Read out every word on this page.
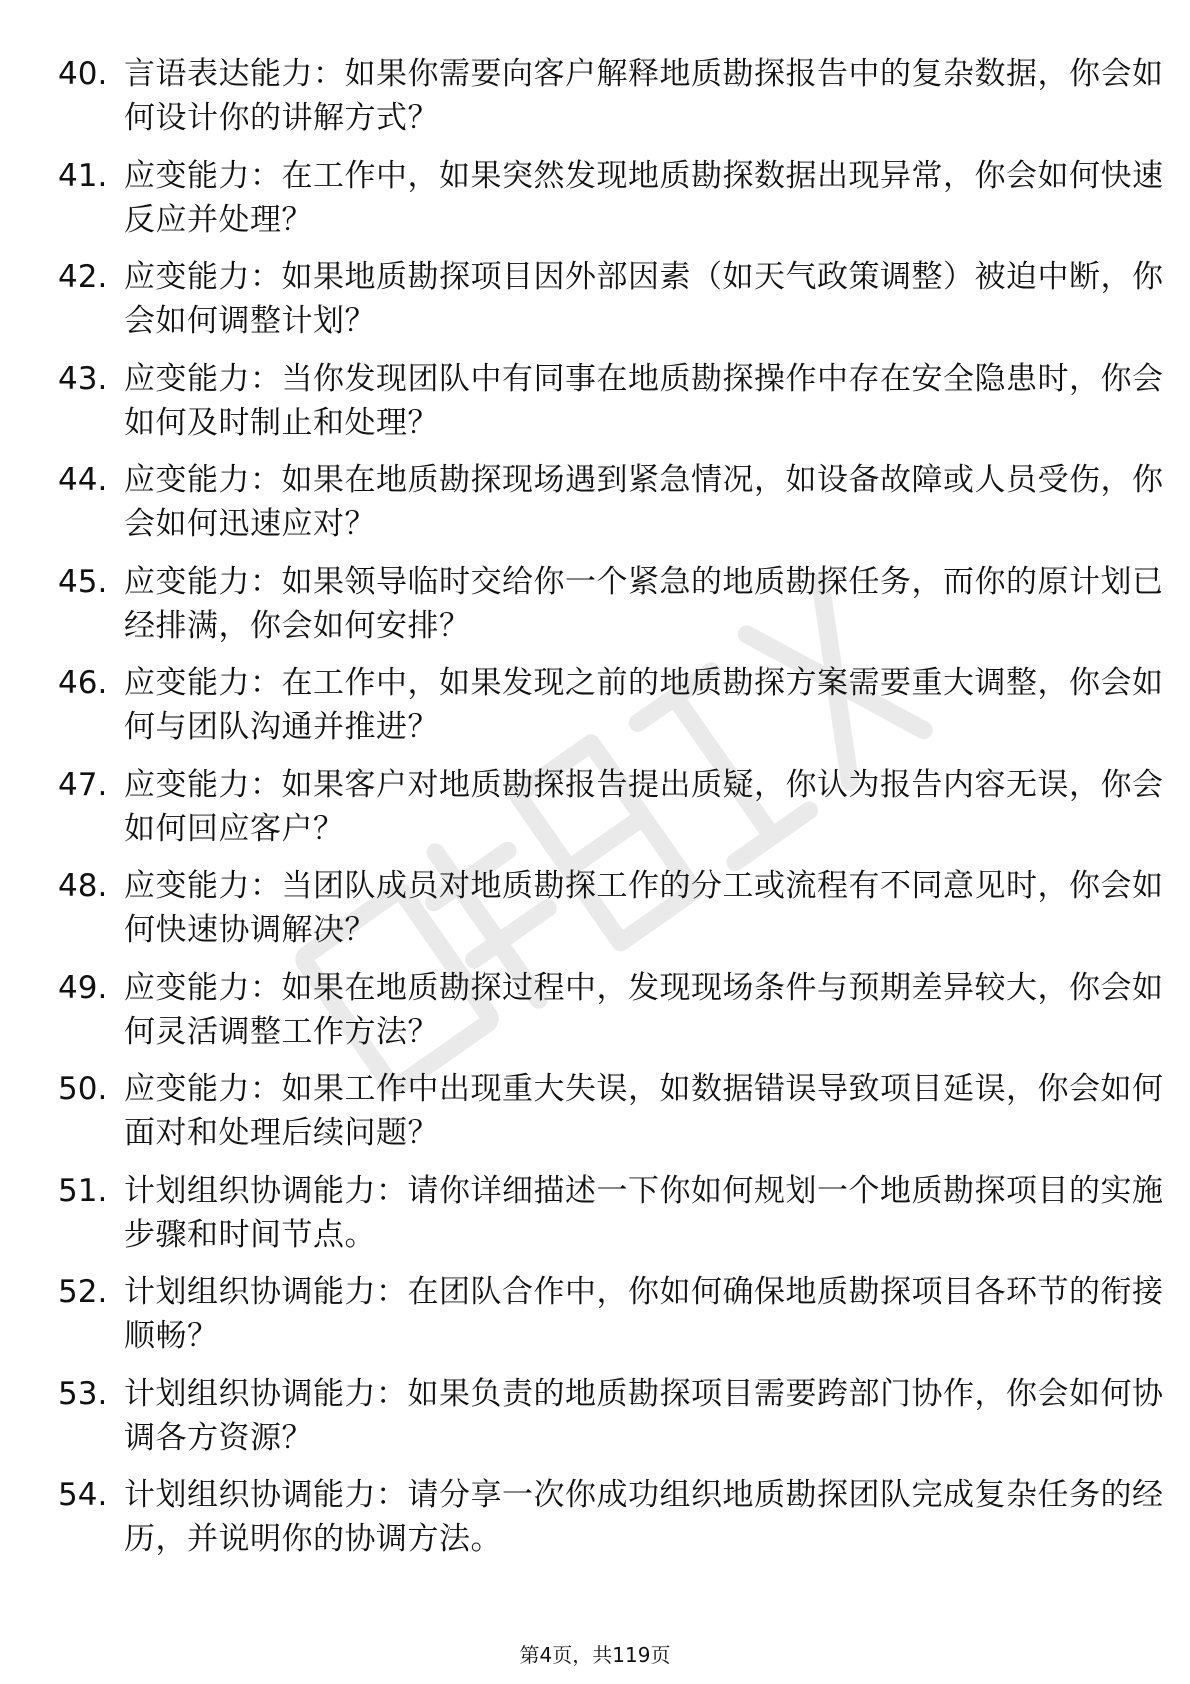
40. 言语表达能力：如果你需要向客户解释地质勘探报告中的复杂数据，你会如何设计你的讲解方式？
41. 应变能力：在工作中，如果突然发现地质勘探数据出现异常，你会如何快速反应并处理？
42. 应变能力：如果地质勘探项目因外部因素（如天气政策调整）被迫中断，你会如何调整计划？
43. 应变能力：当你发现团队中有同事在地质勘探操作中存在安全隐患时，你会如何及时制止和处理？
44. 应变能力：如果在地质勘探现场遇到紧急情况，如设备故障或人员受伤，你会如何迅速应对？
45. 应变能力：如果领导临时交给你一个紧急的地质勘探任务，而你的原计划已经排满，你会如何安排？
46. 应变能力：在工作中，如果发现之前的地质勘探方案需要重大调整，你会如何与团队沟通并推进？
47. 应变能力：如果客户对地质勘探报告提出质疑，你认为报告内容无误，你会如何回应客户？
48. 应变能力：当团队成员对地质勘探工作的分工或流程有不同意见时，你会如何快速协调解决？
49. 应变能力：如果在地质勘探过程中，发现现场条件与预期差异较大，你会如何灵活调整工作方法？
50. 应变能力：如果工作中出现重大失误，如数据错误导致项目延误，你会如何面对和处理后续问题？
51. 计划组织协调能力：请你详细描述一下你如何规划一个地质勘探项目的实施步骤和时间节点。
52. 计划组织协调能力：在团队合作中，你如何确保地质勘探项目各环节的衔接顺畅？
53. 计划组织协调能力：如果负责的地质勘探项目需要跨部门协作，你会如何协调各方资源？
54. 计划组织协调能力：请分享一次你成功组织地质勘探团队完成复杂任务的经历，并说明你的协调方法。
第4页，共119页
